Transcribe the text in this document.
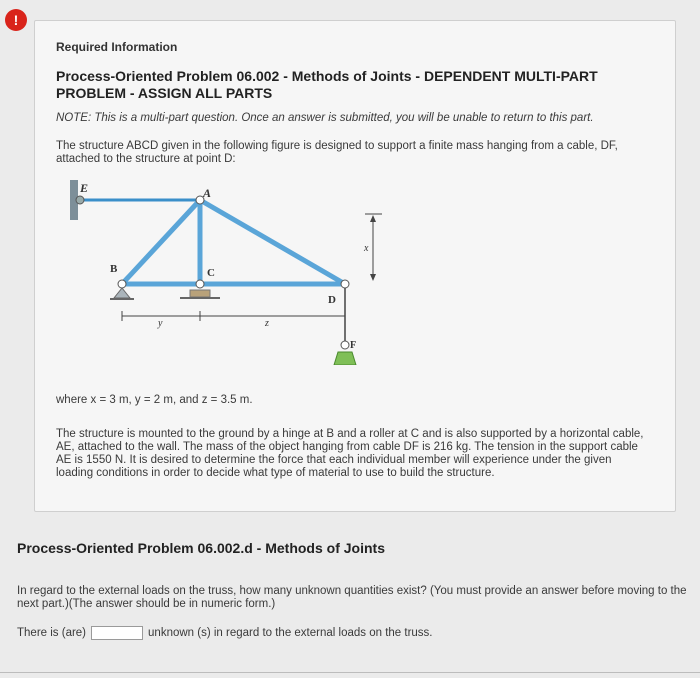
!
Required Information
Process-Oriented Problem 06.002 - Methods of Joints - DEPENDENT MULTI-PART PROBLEM - ASSIGN ALL PARTS
NOTE: This is a multi-part question. Once an answer is submitted, you will be unable to return to this part.
The structure ABCD given in the following figure is designed to support a finite mass hanging from a cable, DF, attached to the structure at point D:
E	A
B	C
D
F
x
y	z
where x = 3 m, y = 2 m, and z = 3.5 m.
The structure is mounted to the ground by a hinge at B and a roller at C and is also supported by a horizontal cable, AE, attached to the wall. The mass of the object hanging from cable DF is 216 kg. The tension in the support cable AE is 1550 N. It is desired to determine the force that each individual member will experience under the given loading conditions in order to decide what type of material to use to build the structure.
Process-Oriented Problem 06.002.d - Methods of Joints
In regard to the external loads on the truss, how many unknown quantities exist? (You must provide an answer before moving to the next part.)(The answer should be in numeric form.)
There is (are)	unknown (s) in regard to the external loads on the truss.
